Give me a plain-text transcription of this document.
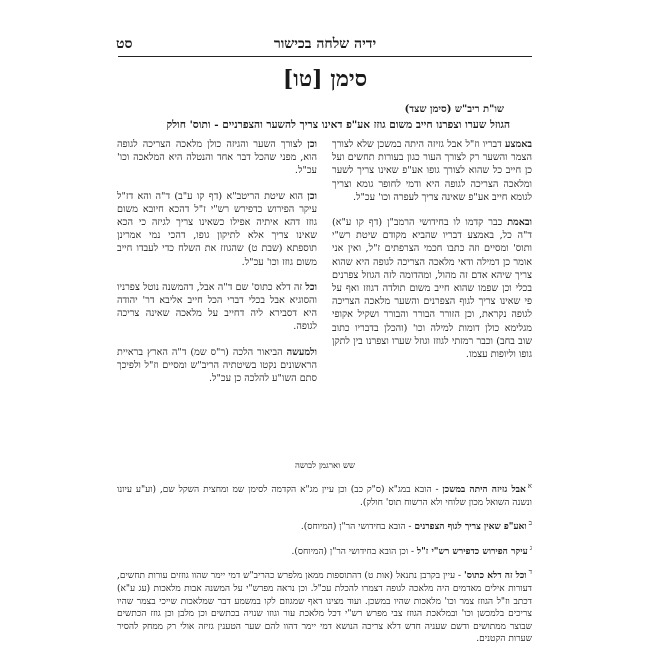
ידיה שלחה בכישור
סט
סימן [טו]
שו"ת ריב"ש (סימן שצד)
הגוזל שערו וצפרנו חייב משום גוזז אע"פ דאינו צריך להשער והצפרניים - ותוס' חולק

באמצע דבריו וז"ל אבל גזיזה היתה במשכן שלא לצורך הצמר והשער רק לצורך העור כגון בעורות תחשים ועל כן חייב כל שהוא לצורך גופו אע"פ שאינו צריך לשער ומלאכה הצריכה לגופה היא ודמי לחופר גומא וצריך לגומא חייב אע"פ שאינה צריך לעפרה וכו' עכ"ל.

ובאמת כבר קדמו לו בחידושי הרמב"ן (דף קו ע"א) ד"ה כל, באמצע דבריו שהביא מקודם שיטת רש"י ותוס' ומסיים וזה כתבו חכמי הצרפתים ז"ל, ואין אני אומר כן דמילה ודאי מלאכה הצריכה לגופה היא שהוא צריך שיהא אדם זה מהול, ומהדומה לזה הגוזל צפרנים בכלי וכן שפמו שהוא חייב משום תולדה דגוזז ואף על פי שאינו צריך לגוף הצפרנים והשער מלאכה הצריכה לגופה נקראת, וכן הזורר הבורר והבורר ושקיל אקופי מגלימא כולן דומות למילה וכו' (והכלן בדבריו כתוב שוב בחב) וכבר רמזתי לגוזז וגוזל שערו וצפרנו בין לתקן גופו וליופות עצמו.

וכן לצורך השער והגיזה כולן מלאכה הצריכה לגופה הוא, מפני שהכל דבר אחד והנטלה היא המלאכה וכו' עכ"ל.

וכן הוא שיטת הריטב"א (דף קו ע"ב) ד"ה והא דז"ל עיקר הפירוש כדפירש רש"י ז"ל דהכא חיובא משום גוזז דהא איתיה אפילו כשאינו צריך לגיזה כי הכא שאינו צריך אלא לתיקון גופו, דהכי נמי אמרינן תוספתא (שבת ט) שהגוזז את השלח כדי לעבדו חייב משום גוזז וכו' עכ"ל.

וכל זה דלא כתוס' שם ד"ה אבל, דהמשנה נוטל צפרניו והסוגיא אבל בכלי דברי הכל חייב אליבא דר' יהודה היא דסבירא ליה דחייב על מלאכה שאינה צריכה לגופה.

ולמעשה הביאור הלכה (ר"ס שמ) ד"ה הארץ בראיית הראשונים נקטו בשיטתיה הריב"ש ומסיים וז"ל ולפיכך סתם השו"ע להלכה כן עכ"ל.

שש וארגמן לבושה

$^א$אבל גזיזה היתה במשכן - הובא במג"א (ס"ק כב) וכן עיין מג"א הקדמה לסימן שמ ומחצית השקל שם, (וע"ע עיונו ונשנה השואל מכון שלוחי ולא הרשוח תוס' חולק).

$^ב$ואע"פ שאין צריך לגוף הצפרנים - הובא בחידושי הר"ן (המיוחס).

$^ג$עיקר הפירוש כדפירש רש"י ז"ל - וכן הובא בחידושי הר"ן (המיוחס).

$^ד$וכל זה דלא כתוס' - עיין בקרבן נתנאל (אות ט) דהתוספות ממאן מלפרש כהריב"ש דמי יימר שהוו גוזזים עורות תחשים, דעורות אילים מאדמים היה מלאכה לגופה דצמרו להכלת עכ"ל. וכן נראה מפרש"י על המשנה אבות מלאכות (עג ע"א) דכתב וז"ל הגוזז צמר וכו' מלאכות שהיו במשכן. ועוד מצינו דאף שמגוזם לקו במשמע דבר שמלאכות שייכי בצמר שהיו צריכים בלמכשן וכו' ובמלאכת הגוזז צבי מפרש רש"י דכל מלאכת עור וגוזו שנויה בכתשים וכן מלבן וכן גוזז הכתשים שבוצר ממתושים ודשם שעניה חדש דלא צריכה הנושא דמי יימר דהוו להם שער הטענין גזיזה אולי רק ממחק להסיר שערות הקטנים.
